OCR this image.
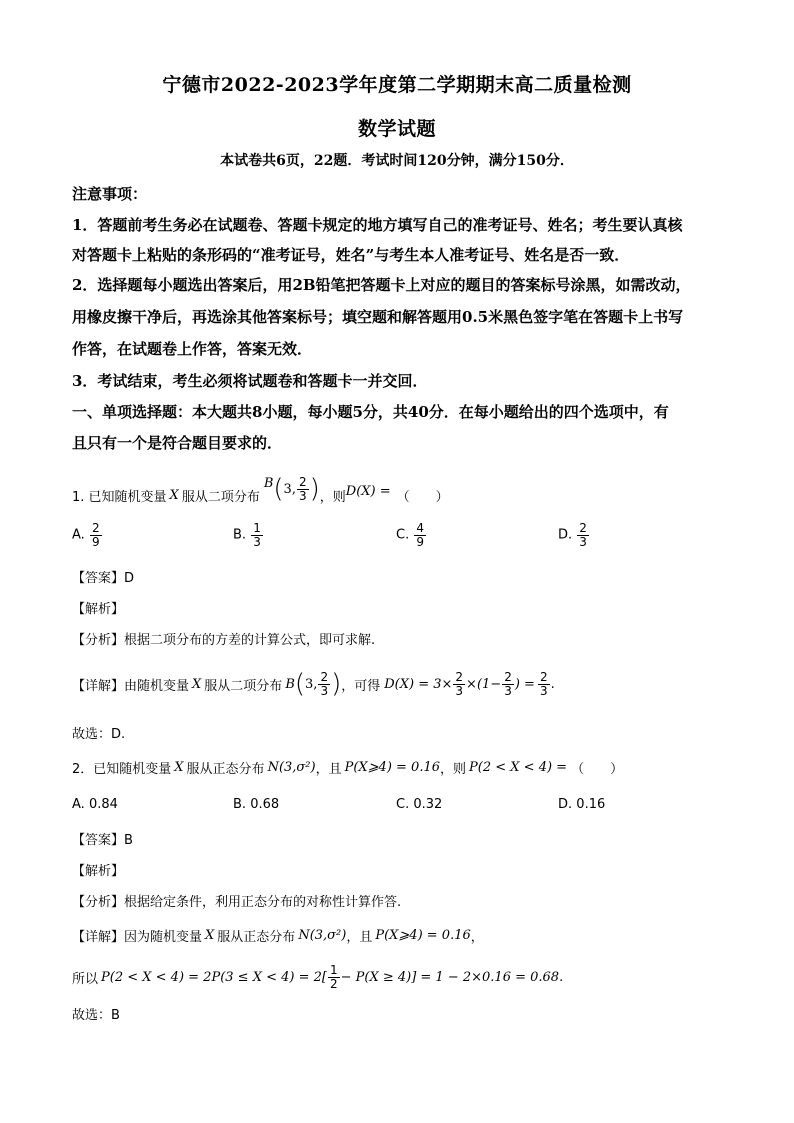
宁德市2022-2023学年度第二学期期末高二质量检测
数学试题
本试卷共6页，22题．考试时间120分钟，满分150分．
注意事项：
1．答题前考生务必在试题卷、答题卡规定的地方填写自己的准考证号、姓名；考生要认真核
对答题卡上粘贴的条形码的“准考证号，姓名”与考生本人准考证号、姓名是否一致．
2．选择题每小题选出答案后，用2B铅笔把答题卡上对应的题目的答案标号涂黑，如需改动，
用橡皮擦干净后，再选涂其他答案标号；填空题和解答题用0.5米黑色签字笔在答题卡上书写
作答，在试题卷上作答，答案无效．
3．考试结束，考生必须将试题卷和答题卡一并交回．
一、单项选择题：本大题共8小题，每小题5分，共40分．在每小题给出的四个选项中，有
且只有一个是符合题目要求的．
1. 已知随机变量 X 服从二项分布
B ( 3, $\frac{2}{3}$ ) ，则 D(X) = （　　）
A. $\frac{2}{9}$	B. $\frac{1}{3}$	C. $\frac{4}{9}$	D. $\frac{2}{3}$
【答案】D
【解析】
【分析】根据二项分布的方差的计算公式，即可求解.
【详解】 由随机变量 X 服从二项分布 B ( 3, $\frac{2}{3}$ ) ，可得 $D(X) = 3\times \frac{2}{3} \times(1- \frac{2}{3}$ ) = $\frac{2}{3}$ .
故选：D.
2．已知随机变量 X 服从正态分布 N(3,σ²) ，且 P(X⩾4) = 0.16 ，则 P(2 < X < 4) = （　　）
A. 0.84	B. 0.68	C. 0.32	D. 0.16
【答案】B
【解析】
【分析】根据给定条件，利用正态分布的对称性计算作答.
【详解】 因为随机变量 X 服从正态分布 N(3,σ²) ，且 P(X⩾4) = 0.16 ，
所以 $P(2 < X < 4) = 2P(3 \le X < 4) = 2[ \frac{1}{2} - P(X \ge 4)] = 1 - 2\times 0.16 = 0.68$ .
故选：B
